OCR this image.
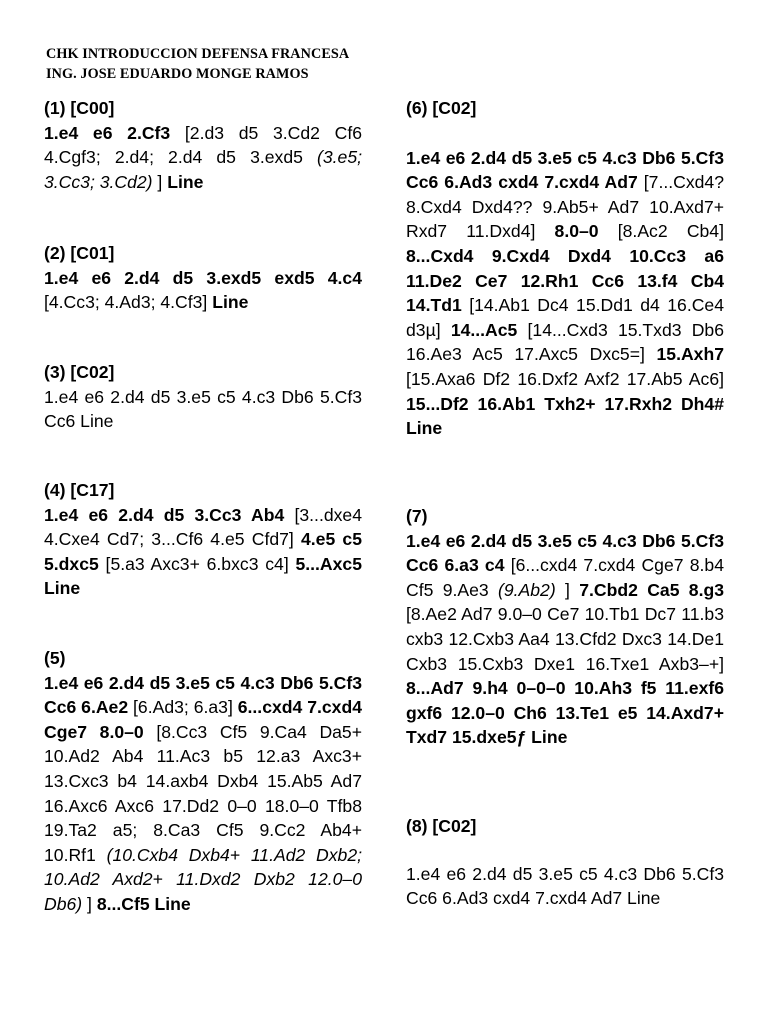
CHK INTRODUCCION DEFENSA FRANCESA
ING. JOSE EDUARDO MONGE RAMOS
(1) [C00]
1.e4 e6 2.Cf3 [2.d3 d5 3.Cd2 Cf6 4.Cgf3; 2.d4; 2.d4 d5 3.exd5 (3.e5; 3.Cc3; 3.Cd2) ] Line
(2) [C01]
1.e4 e6 2.d4 d5 3.exd5 exd5 4.c4 [4.Cc3; 4.Ad3; 4.Cf3] Line
(3) [C02]
1.e4 e6 2.d4 d5 3.e5 c5 4.c3 Db6 5.Cf3 Cc6 Line
(4) [C17]
1.e4 e6 2.d4 d5 3.Cc3 Ab4 [3...dxe4 4.Cxe4 Cd7; 3...Cf6 4.e5 Cfd7] 4.e5 c5 5.dxc5 [5.a3 Axc3+ 6.bxc3 c4] 5...Axc5 Line
(5)
1.e4 e6 2.d4 d5 3.e5 c5 4.c3 Db6 5.Cf3 Cc6 6.Ae2 [6.Ad3; 6.a3] 6...cxd4 7.cxd4 Cge7 8.0–0 [8.Cc3 Cf5 9.Ca4 Da5+ 10.Ad2 Ab4 11.Ac3 b5 12.a3 Axc3+ 13.Cxc3 b4 14.axb4 Dxb4 15.Ab5 Ad7 16.Axc6 Axc6 17.Dd2 0–0 18.0–0 Tfb8 19.Ta2 a5; 8.Ca3 Cf5 9.Cc2 Ab4+ 10.Rf1 (10.Cxb4 Dxb4+ 11.Ad2 Dxb2; 10.Ad2 Axd2+ 11.Dxd2 Dxb2 12.0–0 Db6) ] 8...Cf5 Line
(6) [C02]
1.e4 e6 2.d4 d5 3.e5 c5 4.c3 Db6 5.Cf3 Cc6 6.Ad3 cxd4 7.cxd4 Ad7 [7...Cxd4? 8.Cxd4 Dxd4?? 9.Ab5+ Ad7 10.Axd7+ Rxd7 11.Dxd4] 8.0–0 [8.Ac2 Cb4] 8...Cxd4 9.Cxd4 Dxd4 10.Cc3 a6 11.De2 Ce7 12.Rh1 Cc6 13.f4 Cb4 14.Td1 [14.Ab1 Dc4 15.Dd1 d4 16.Ce4 d3µ] 14...Ac5 [14...Cxd3 15.Txd3 Db6 16.Ae3 Ac5 17.Axc5 Dxc5=] 15.Axh7 [15.Axa6 Df2 16.Dxf2 Axf2 17.Ab5 Ac6] 15...Df2 16.Ab1 Txh2+ 17.Rxh2 Dh4# Line
(7)
1.e4 e6 2.d4 d5 3.e5 c5 4.c3 Db6 5.Cf3 Cc6 6.a3 c4 [6...cxd4 7.cxd4 Cge7 8.b4 Cf5 9.Ae3 (9.Ab2) ] 7.Cbd2 Ca5 8.g3 [8.Ae2 Ad7 9.0–0 Ce7 10.Tb1 Dc7 11.b3 cxb3 12.Cxb3 Aa4 13.Cfd2 Dxc3 14.De1 Cxb3 15.Cxb3 Dxe1 16.Txe1 Axb3–+] 8...Ad7 9.h4 0–0–0 10.Ah3 f5 11.exf6 gxf6 12.0–0 Ch6 13.Te1 e5 14.Axd7+ Txd7 15.dxe5ƒ Line
(8) [C02]
1.e4 e6 2.d4 d5 3.e5 c5 4.c3 Db6 5.Cf3 Cc6 6.Ad3 cxd4 7.cxd4 Ad7 Line
